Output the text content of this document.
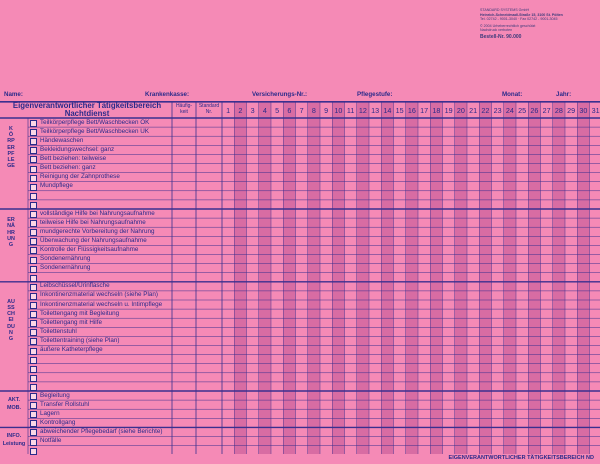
STANDARD SYSTEMS GmbH
Heinrich-Schneidmadl-Straße 15, 3100 St. Pölten
Tel. 02742 - 9001-3040 · Fax 02742 - 9001-3045
© 2004 Urheberrechtlich geschützt
Nachdruck verboten
Bestell-Nr. 90.000
Name:	Krankenkasse:	Versicherungs-Nr.:	Pflegestufe:	Monat:	Jahr:
Eigenverantwortlicher Tätigkeitsbereich Nachtdienst
Häufig-keit
Standard Nr.	1	2	3	4	5	6	7	8	9 10 11 12 13 14 15 16 17 18 19 20 21 22 23 24 25 26 27 28 29 30 31
Teilkörperpflege Bett/Waschbecken OK
Teilkörperpflege Bett/Waschbecken UK
Händewaschen
Bekleidungswechsel: ganz
Bett beziehen: teilweise
Bett beziehen: ganz
Reinigung der Zahnprothese
Mundpflege
KÖRPERPFLEGE
vollständige Hilfe bei Nahrungsaufnahme
teilweise Hilfe bei Nahrungsaufnahme
mundgerechte Vorbereitung der Nahrung
Überwachung der Nahrungsaufnahme
Kontrolle der Flüssigkeitsaufnahme
Sondenernährung
Sondenernährung
ERNÄHRUNG
Leibschüssel/Urinflasche
Inkontinenzmaterial wechseln (siehe Plan)
Inkontinenzmaterial wechseln u. Intimpflege
Toilettengang mit Begleitung
Toilettengang mit Hilfe
Toilettenstuhl
Toilettentraining (siehe Plan)
äußere Katheterpflege
AUSSCHEIDUNG
Begleitung
Transfer Rollstuhl
Lagern
Kontrollgang
AKT.
MOB.
abweichender Pflegebedarf (siehe Berichte)
Notfälle
INFO.
Leistung
EIGENVERANTWORTLICHER TÄTIGKEITSBEREICH ND
